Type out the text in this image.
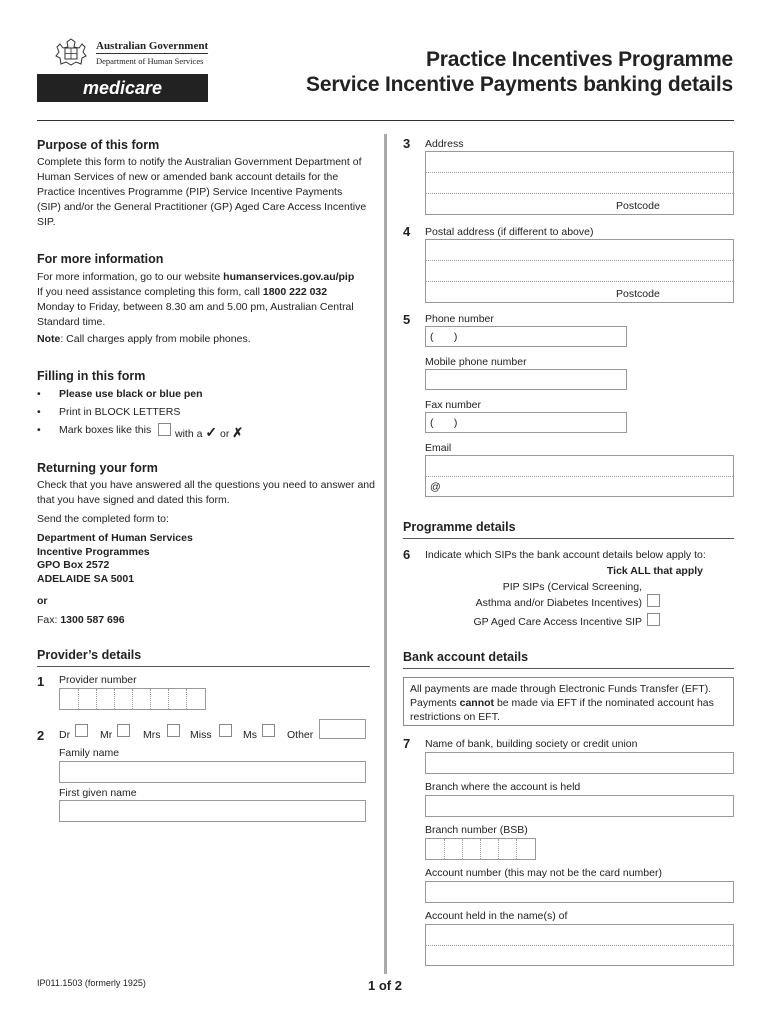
Australian Government
Department of Human Services
medicare
Practice Incentives Programme
Service Incentive Payments banking details
Purpose of this form
Complete this form to notify the Australian Government Department of Human Services of new or amended bank account details for the Practice Incentives Programme (PIP) Service Incentive Payments (SIP) and/or the General Practitioner (GP) Aged Care Access Incentive SIP.
For more information
For more information, go to our website humanservices.gov.au/pip
If you need assistance completing this form, call 1800 222 032
Monday to Friday, between 8.30 am and 5.00 pm, Australian Central Standard time.
Note: Call charges apply from mobile phones.
Filling in this form
• Please use black or blue pen
• Print in BLOCK LETTERS
• Mark boxes like this with a ✓ or ✗
Returning your form
Check that you have answered all the questions you need to answer and that you have signed and dated this form.
Send the completed form to:
Department of Human Services
Incentive Programmes
GPO Box 2572
ADELAIDE SA 5001
or
Fax: 1300 587 696
Provider’s details
1 Provider number
2 Dr	Mr	Mrs	Miss	Ms	Other
Family name
First given name
IP011.1503 (formerly 1925)
3 Address
Postcode
4 Postal address (if different to above)
Postcode
5 Phone number
(       )
Mobile phone number
Fax number
(       )
Email
@
Programme details
6 Indicate which SIPs the bank account details below apply to:
Tick ALL that apply
PIP SIPs (Cervical Screening,
Asthma and/or Diabetes Incentives)
GP Aged Care Access Incentive SIP
Bank account details
All payments are made through Electronic Funds Transfer (EFT).
Payments cannot be made via EFT if the nominated account has restrictions on EFT.
7 Name of bank, building society or credit union
Branch where the account is held
Branch number (BSB)
Account number (this may not be the card number)
Account held in the name(s) of
1 of 2
